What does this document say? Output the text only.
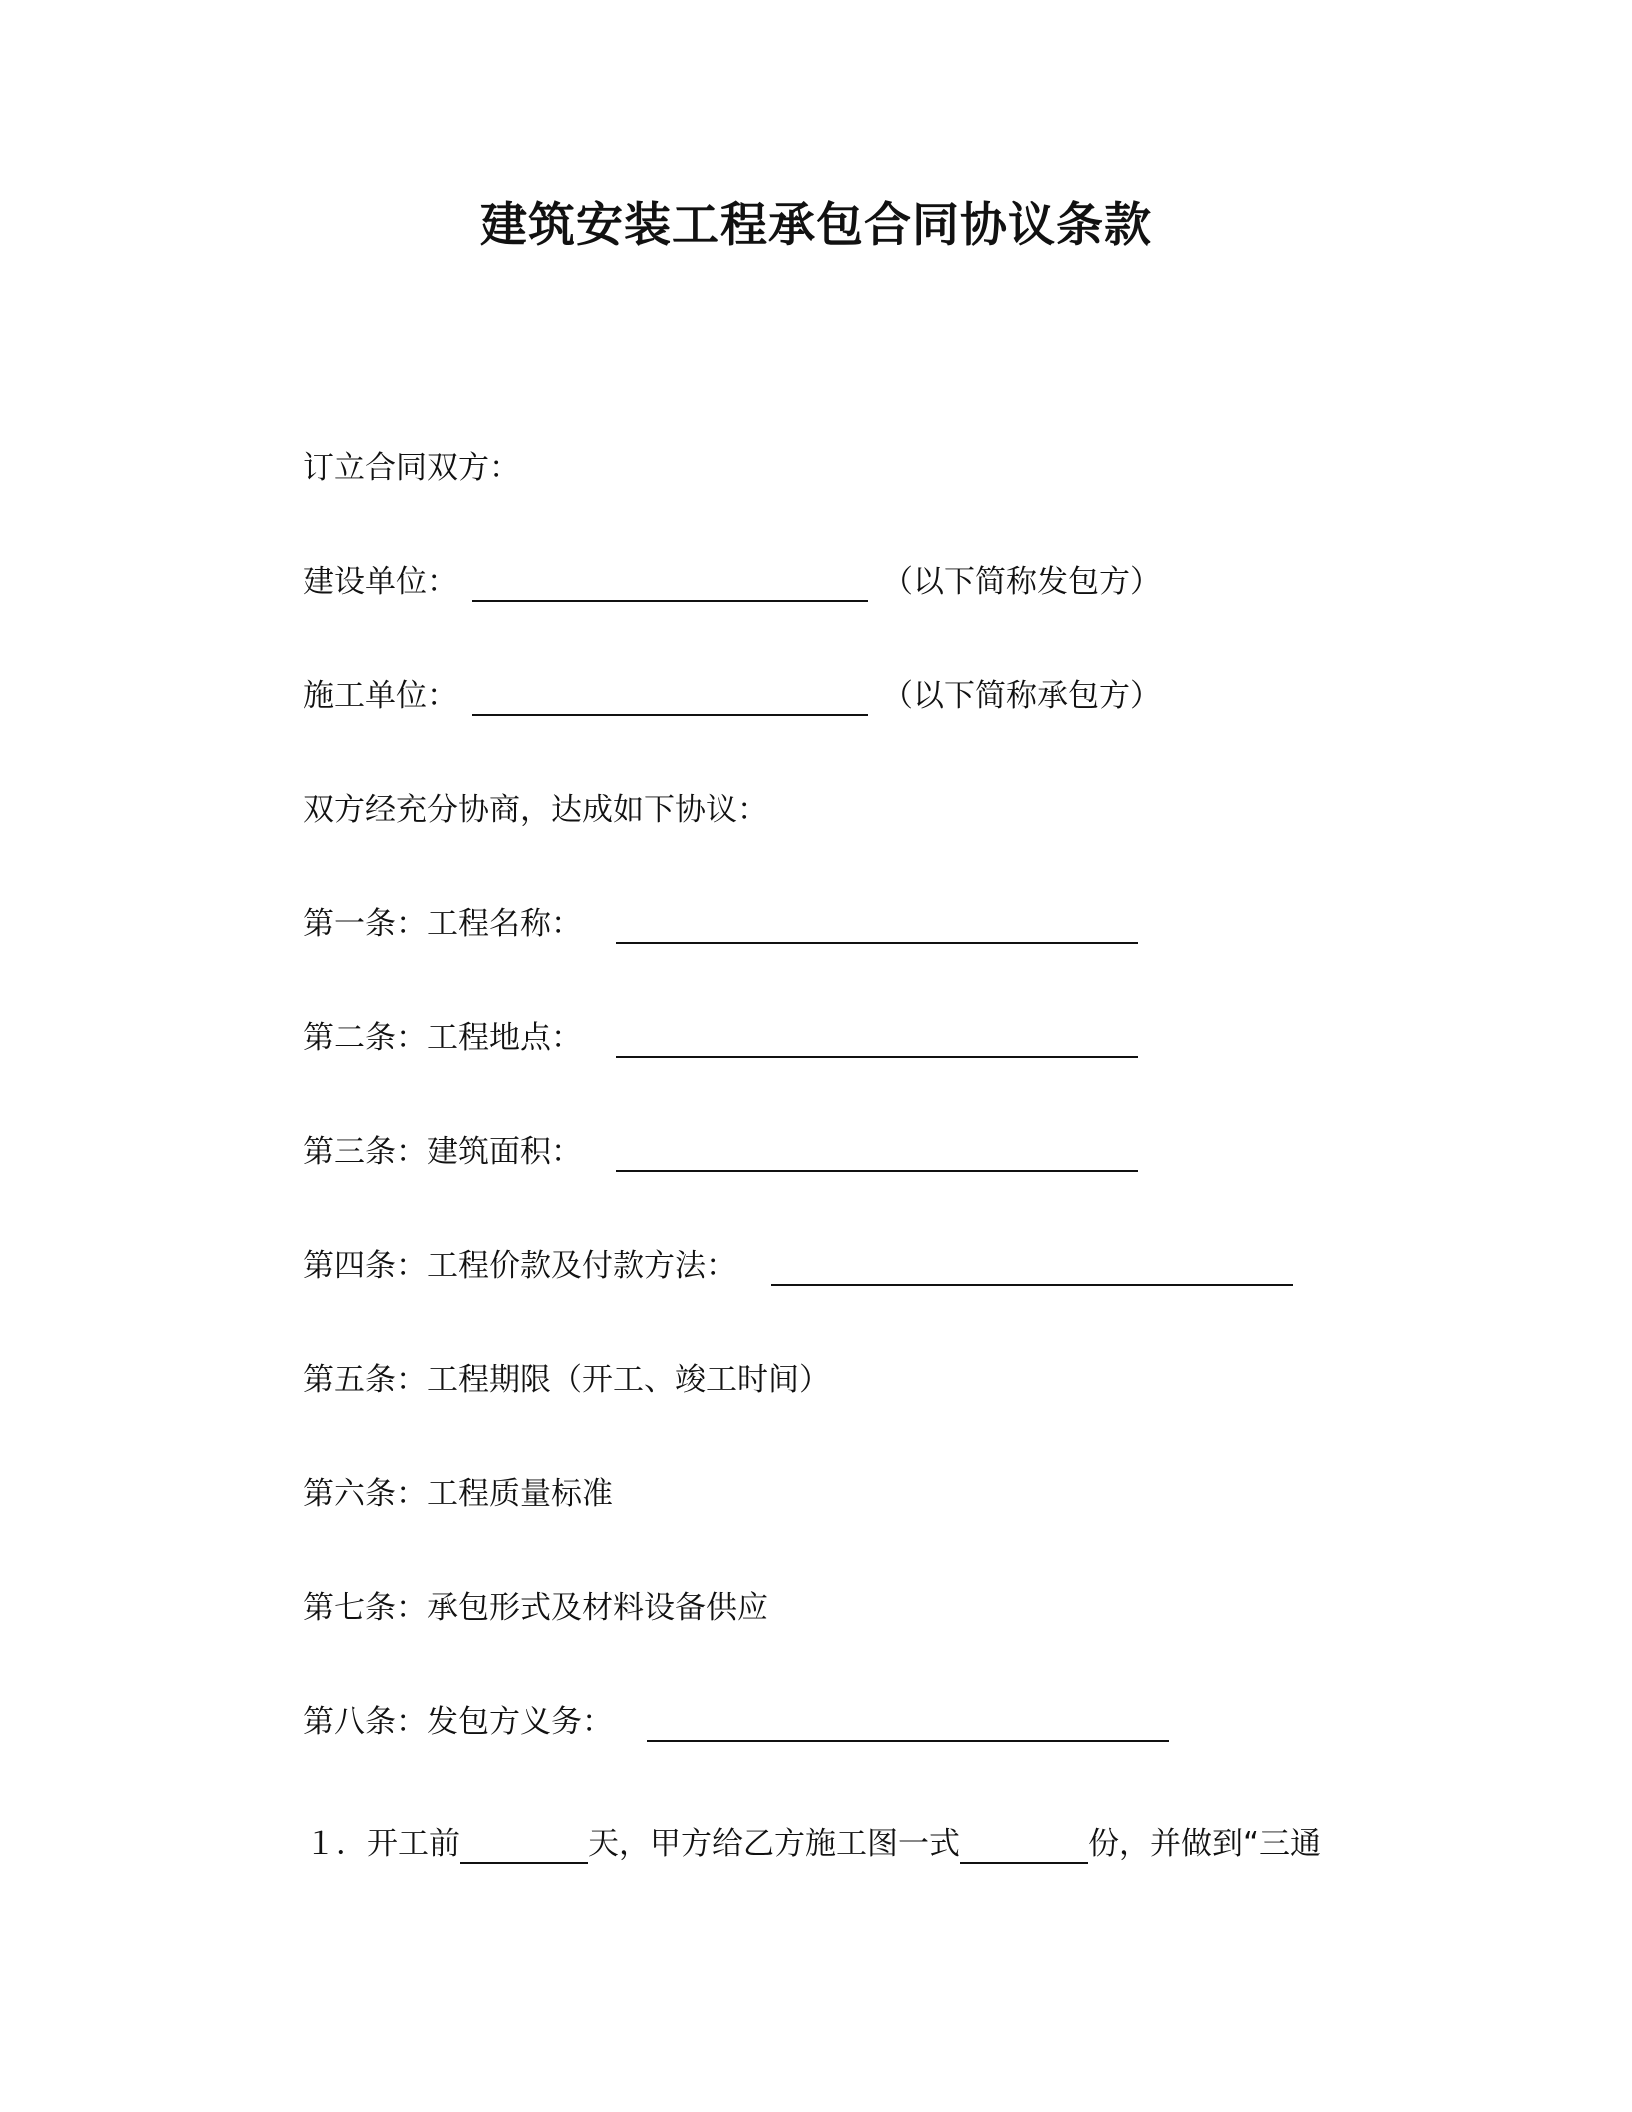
建筑安装工程承包合同协议条款
订立合同双方：
建设单位：	（以下简称发包方）
施工单位：	（以下简称承包方）
双方经充分协商，达成如下协议：
第一条：工程名称：
第二条：工程地点：
第三条：建筑面积：
第四条：工程价款及付款方法：
第五条：工程期限（开工、竣工时间）
第六条：工程质量标准
第七条：承包形式及材料设备供应
第八条：发包方义务：
１．开工前	天，甲方给乙方施工图一式	份，并做到“三通
